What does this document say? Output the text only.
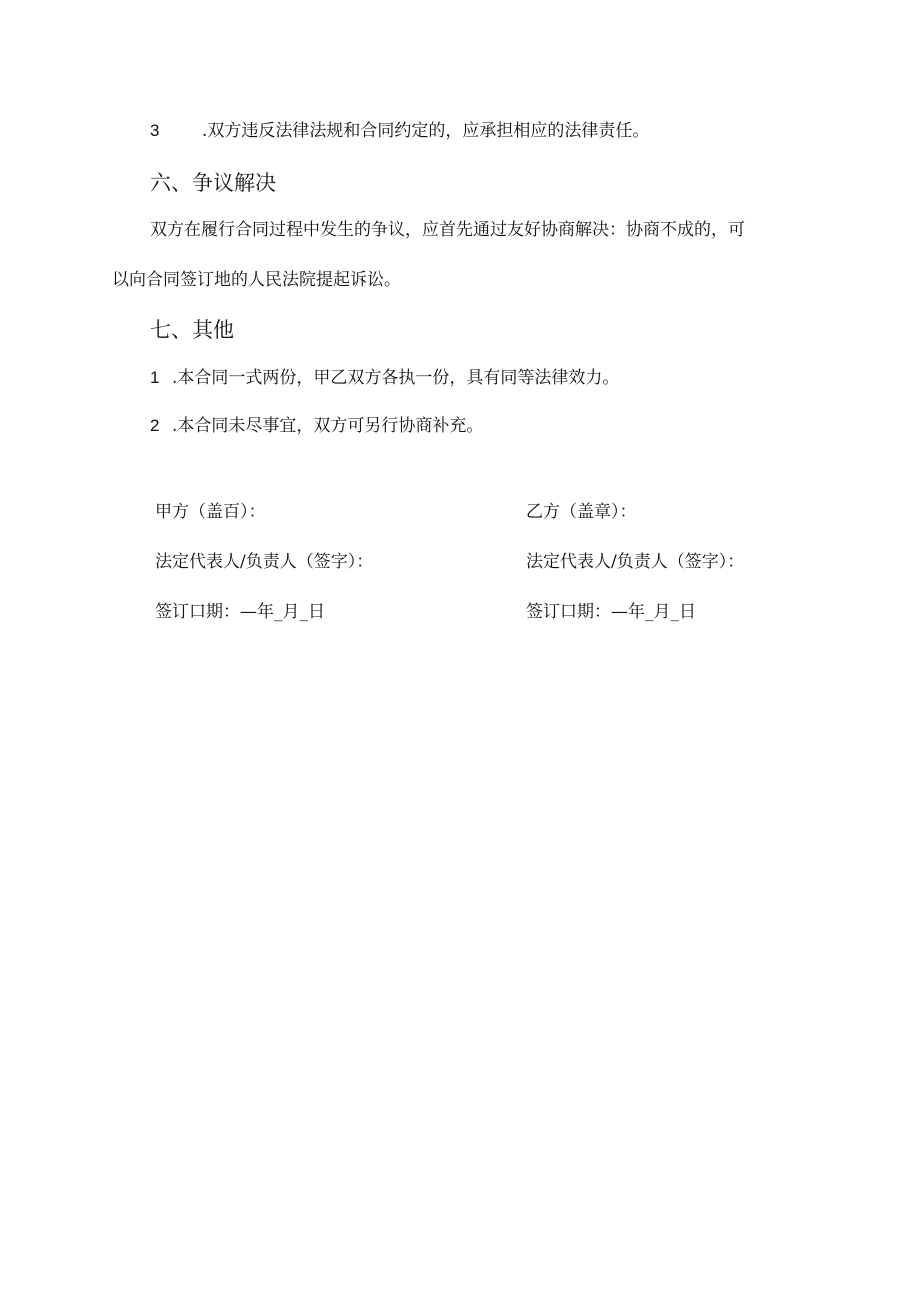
3	.双方违反法律法规和合同约定的，应承担相应的法律责任。
六、争议解决
双方在履行合同过程中发生的争议，应首先通过友好协商解决：协商不成的，可
以向合同签订地的人民法院提起诉讼。
七、其他
1 .本合同一式两份，甲乙双方各执一份，具有同等法律效力。
2 .本合同未尽事宜，双方可另行协商补充。
甲方（盖百）：
法定代表人/负责人（签字）：
签订口期：—年_月_日
乙方（盖章）：
法定代表人/负责人（签字）：
签订口期：—年_月_日
